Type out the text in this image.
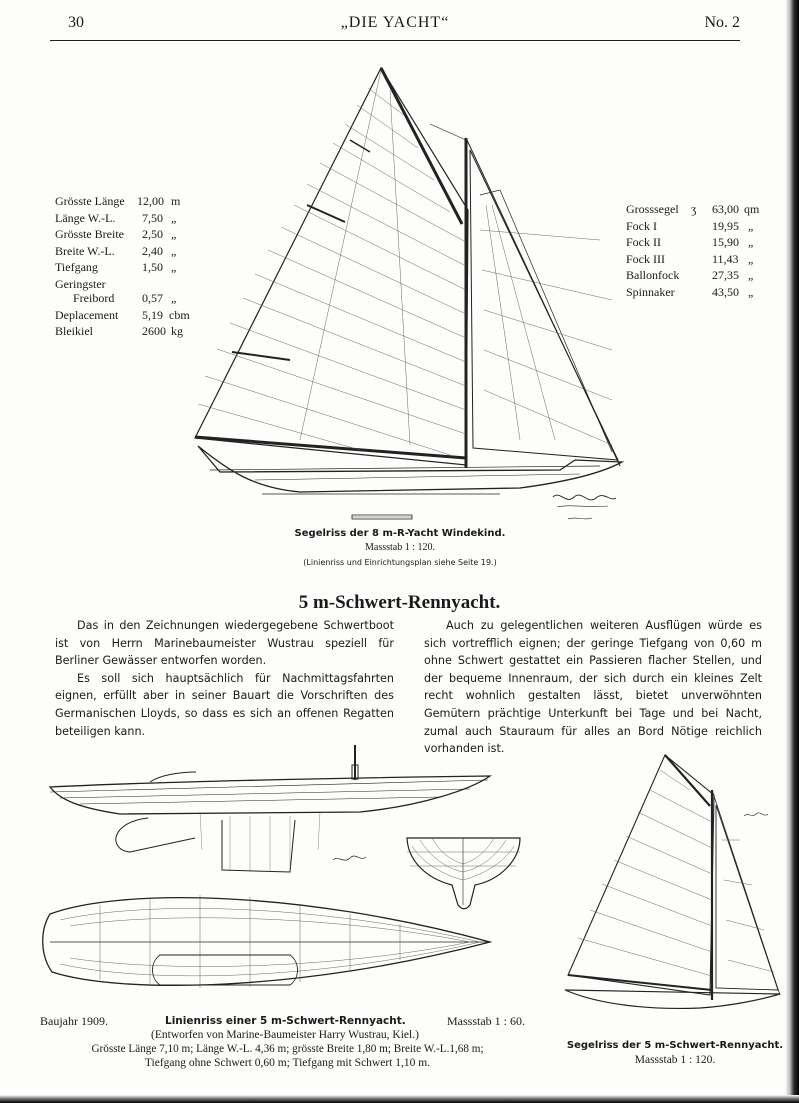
30	„DIE YACHT“	No. 2
Grösste Länge 12,00 m
Länge W.-L. 7,50 „
Grösste Breite 2,50 „
Breite W.-L. 2,40 „
Tiefgang	1,50 „
Geringster
Freibord 0,57 „
Deplacement 5,19 cbm
Bleikiel	2600 kg
Grosssegel ʒ 63,00 qm
Fock I	19,95 „
Fock II	15,90 „
Fock III	11,43 „
Ballonfock	27,35 „
Spinnaker	43,50 „
Segelriss der 8 m-R-Yacht Windekind.
Massstab 1 : 120.
(Linienriss und Einrichtungsplan siehe Seite 19.)
5 m-Schwert-Rennyacht.

Das in den Zeichnungen wiedergegebene Schwertboot ist von Herrn Marinebaumeister Wustrau speziell für Berliner Gewässer entworfen worden.

Es soll sich hauptsächlich für Nachmittagsfahrten eignen, erfüllt aber in seiner Bauart die Vorschriften des Germanischen Lloyds, so dass es sich an offenen Regatten beteiligen kann.

Auch zu gelegentlichen weiteren Ausflügen würde es sich vortrefflich eignen; der geringe Tiefgang von 0,60 m ohne Schwert gestattet ein Passieren flacher Stellen, und der bequeme Innenraum, der sich durch ein kleines Zelt recht wohnlich gestalten lässt, bietet unverwöhnten Gemütern prächtige Unterkunft bei Tage und bei Nacht, zumal auch Stauraum für alles an Bord Nötige reichlich vorhanden ist.

Baujahr 1909.	Linienriss einer 5 m-Schwert-Rennyacht.	Massstab 1 : 60.
(Entworfen von Marine-Baumeister Harry Wustrau, Kiel.)
Grösste Länge 7,10 m; Länge W.-L. 4,36 m; grösste Breite 1,80 m; Breite W.-L.1,68 m;
Tiefgang ohne Schwert 0,60 m; Tiefgang mit Schwert 1,10 m.
Segelriss der 5 m-Schwert-Rennyacht.
Massstab 1 : 120.
